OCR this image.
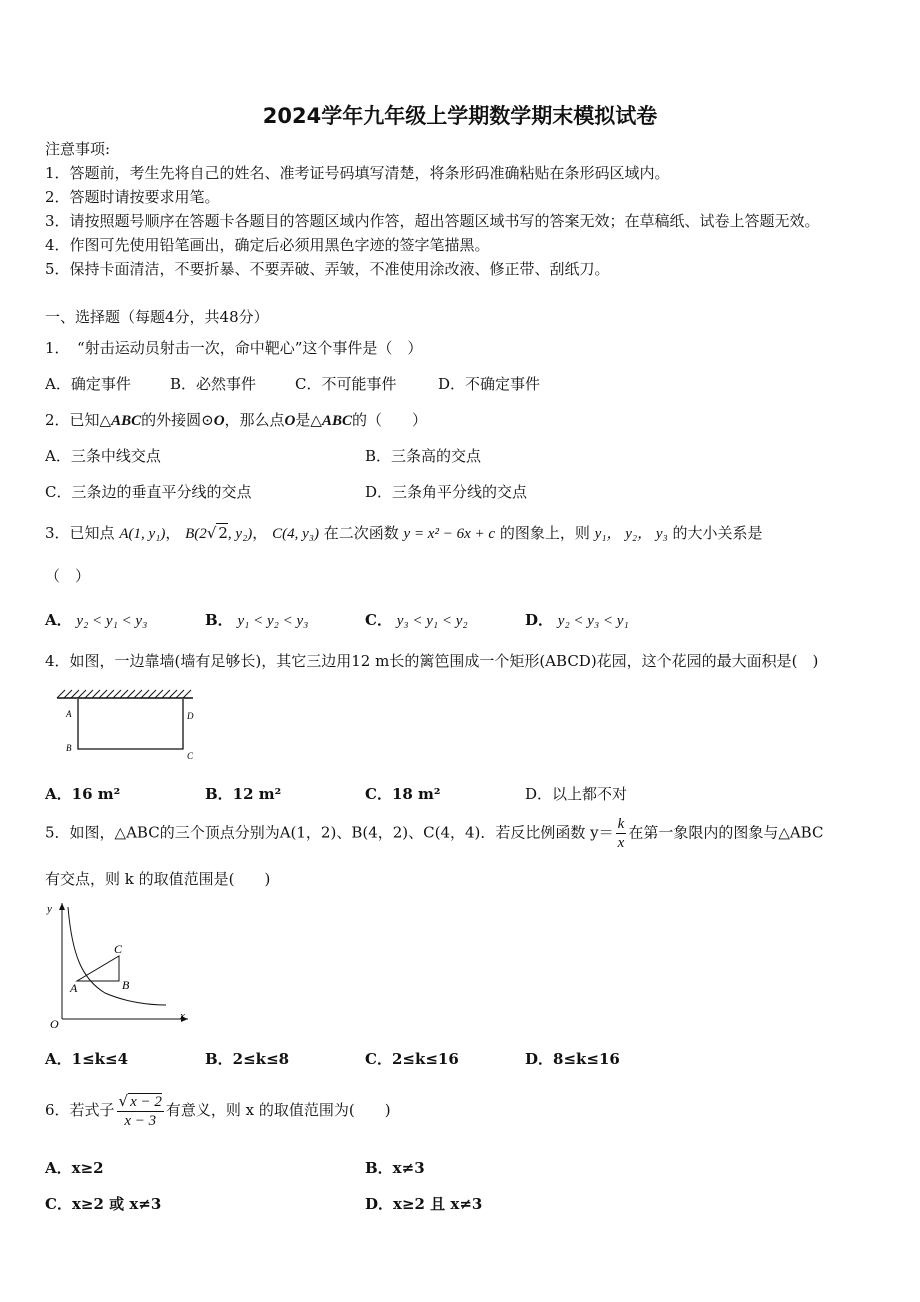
2024学年九年级上学期数学期末模拟试卷
注意事项:
1．答题前，考生先将自己的姓名、准考证号码填写清楚，将条形码准确粘贴在条形码区域内。
2．答题时请按要求用笔。
3．请按照题号顺序在答题卡各题目的答题区域内作答，超出答题区域书写的答案无效；在草稿纸、试卷上答题无效。
4．作图可先使用铅笔画出，确定后必须用黑色字迹的签字笔描黑。
5．保持卡面清洁，不要折暴、不要弄破、弄皱，不准使用涂改液、修正带、刮纸刀。
一、选择题（每题4分，共48分）
1．　“射击运动员射击一次，命中靶心”这个事件是（　）
A．确定事件	B．必然事件	C．不可能事件	D．不确定事件
2．已知△ABC的外接圆⊙O，那么点O是△ABC的（　　）
A．三条中线交点	B．三条高的交点
C．三条边的垂直平分线的交点	D．三条角平分线的交点
3．已知点 A(1, y₁)， B(2√ 2, y₂)， C(4, y₃) 在二次函数 y = x² − 6x + c 的图象上，则 y₁， y₂， y₃ 的大小关系是
（　）
A． y₂ < y₁ < y₃	B． y₁ < y₂ < y₃	C． y₃ < y₁ < y₂	D． y₂ < y₃ < y₁
4．如图，一边靠墙(墙有足够长)，其它三边用12 m长的篱笆围成一个矩形(ABCD)花园，这个花园的最大面积是(　)
A
B
C
D
A．16 m²	B．12 m²	C．18 m²	D．以上都不对
5．如图，△ABC的三个顶点分别为A(1，2)、B(4，2)、C(4，4)．若反比例函数 $y= \frac{k}{x}$ 在第一象限内的图象与△ABC
有交点，则 k 的取值范围是(　　)
y
x
O
A	B
C
A．1≤k≤4	B．2≤k≤8	C．2≤k≤16	D．8≤k≤16
6．若式子 $\frac{√ x - 2}{x - 3}$ 有意义，则 x 的取值范围为(　　)
A．x≥2	B．x≠3
C．x≥2 或 x≠3	D．x≥2 且 x≠3
